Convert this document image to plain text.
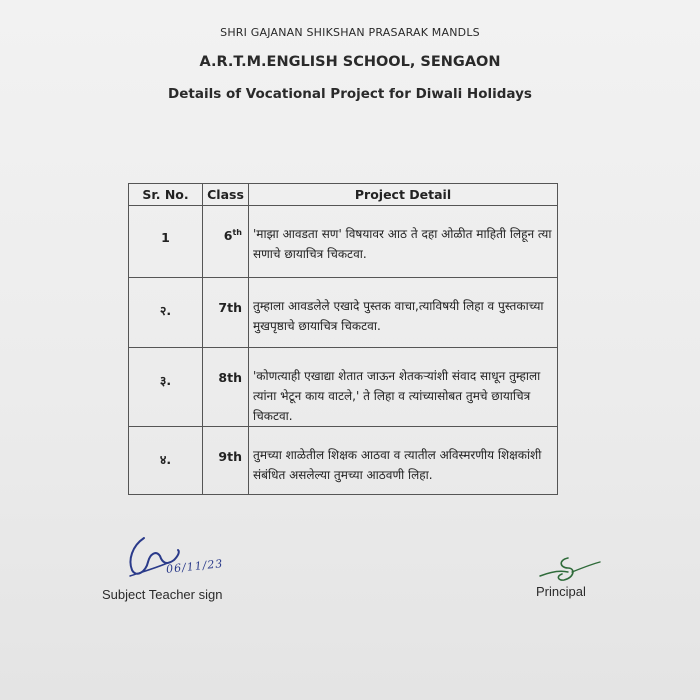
SHRI GAJANAN SHIKSHAN PRASARAK MANDLS
A.R.T.M.ENGLISH SCHOOL, SENGAON
Details of Vocational Project for Diwali Holidays
Sr. No.	Class	Project Detail

1	6th	'माझा आवडता सण' विषयावर आठ ते दहा ओळीत माहिती लिहून त्या सणाचे छायाचित्र चिकटवा.

२.	7th	तुम्हाला आवडलेले एखादे पुस्तक वाचा,त्याविषयी लिहा व पुस्तकाच्या मुखपृष्ठाचे छायाचित्र चिकटवा.

३.	8th	'कोणत्याही एखाद्या शेतात जाऊन शेतकऱ्यांशी संवाद साधून तुम्हाला त्यांना भेटून काय वाटले,' ते लिहा व त्यांच्यासोबत तुमचे छायाचित्र चिकटवा.

४.	9th	तुमच्या शाळेतील शिक्षक आठवा व त्यातील अविस्मरणीय शिक्षकांशी संबंधित असलेल्या तुमच्या आठवणी लिहा.
06/11/23
Subject Teacher sign	Principal
